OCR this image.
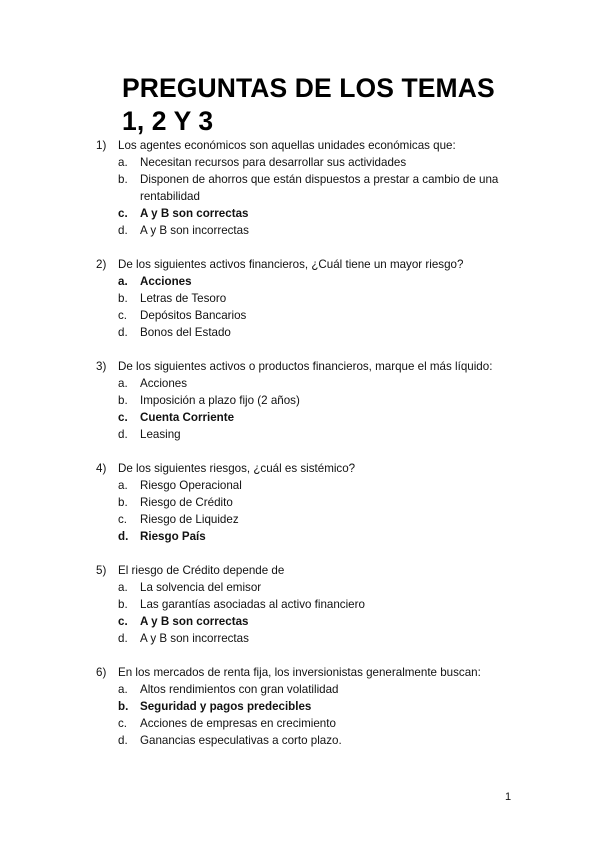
PREGUNTAS DE LOS TEMAS
1, 2 Y 3
1)	Los agentes económicos son aquellas unidades económicas que:
a.	Necesitan recursos para desarrollar sus actividades
b.	Disponen de ahorros que están dispuestos a prestar a cambio de una rentabilidad
c.	A y B son correctas
d.	A y B son incorrectas
2)	De los siguientes activos financieros, ¿Cuál tiene un mayor riesgo?
a.	Acciones
b.	Letras de Tesoro
c.	Depósitos Bancarios
d.	Bonos del Estado
3)	De los siguientes activos o productos financieros, marque el más líquido:
a.	Acciones
b.	Imposición a plazo fijo (2 años)
c.	Cuenta Corriente
d.	Leasing
4)	De los siguientes riesgos, ¿cuál es sistémico?
a.	Riesgo Operacional
b.	Riesgo de Crédito
c.	Riesgo de Liquidez
d.	Riesgo País
5)	El riesgo de Crédito depende de
a.	La solvencia del emisor
b.	Las garantías asociadas al activo financiero
c.	A y B son correctas
d.	A y B son incorrectas
6)	En los mercados de renta fija, los inversionistas generalmente buscan:
a.	Altos rendimientos con gran volatilidad
b.	Seguridad y pagos predecibles
c.	Acciones de empresas en crecimiento
d.	Ganancias especulativas a corto plazo.
1
